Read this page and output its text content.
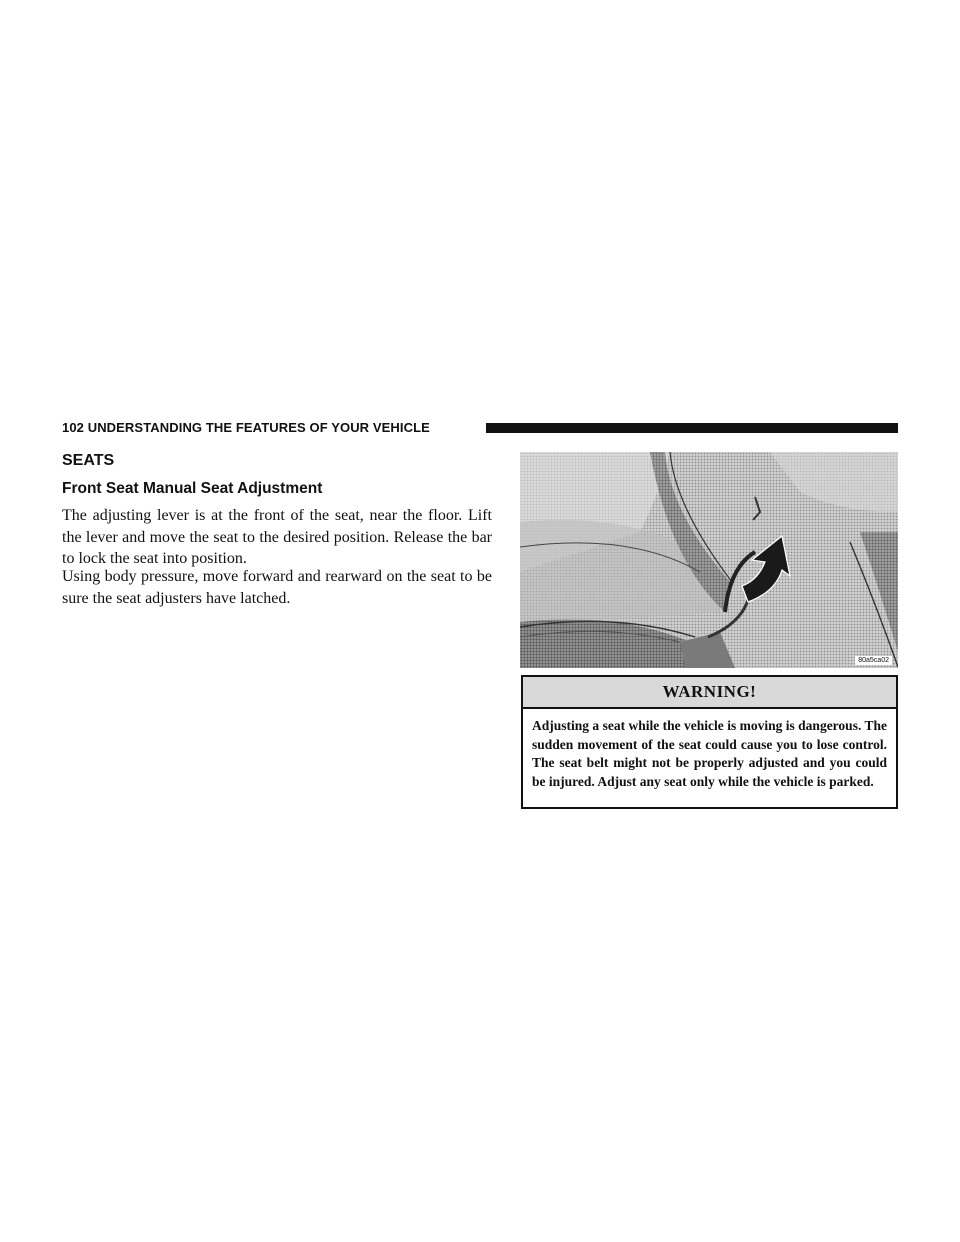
102 UNDERSTANDING THE FEATURES OF YOUR VEHICLE
SEATS
Front Seat Manual Seat Adjustment

The adjusting lever is at the front of the seat, near the floor. Lift the lever and move the seat to the desired position. Release the bar to lock the seat into position.

Using body pressure, move forward and rearward on the seat to be sure the seat adjusters have latched.

80a5ca02
WARNING!

Adjusting a seat while the vehicle is moving is dangerous. The sudden movement of the seat could cause you to lose control. The seat belt might not be properly adjusted and you could be injured. Adjust any seat only while the vehicle is parked.
